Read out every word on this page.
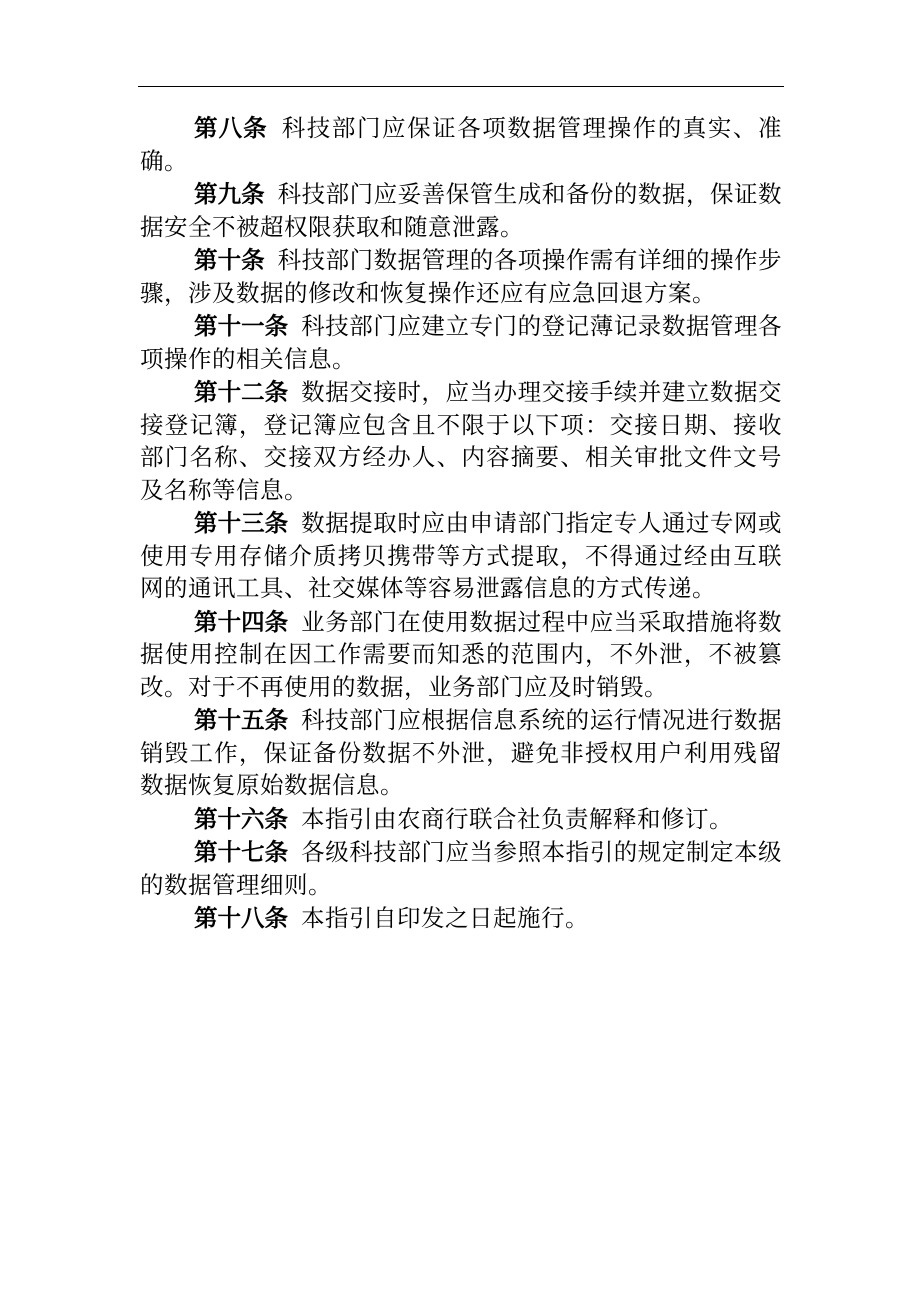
第八条 科技部门应保证各项数据管理操作的真实、准确。

第九条 科技部门应妥善保管生成和备份的数据，保证数据安全不被超权限获取和随意泄露。

第十条 科技部门数据管理的各项操作需有详细的操作步骤，涉及数据的修改和恢复操作还应有应急回退方案。

第十一条 科技部门应建立专门的登记薄记录数据管理各项操作的相关信息。

第十二条 数据交接时，应当办理交接手续并建立数据交接登记簿，登记簿应包含且不限于以下项：交接日期、接收部门名称、交接双方经办人、内容摘要、相关审批文件文号及名称等信息。

第十三条 数据提取时应由申请部门指定专人通过专网或使用专用存储介质拷贝携带等方式提取，不得通过经由互联网的通讯工具、社交媒体等容易泄露信息的方式传递。

第十四条 业务部门在使用数据过程中应当采取措施将数据使用控制在因工作需要而知悉的范围内，不外泄，不被篡改。对于不再使用的数据，业务部门应及时销毁。

第十五条 科技部门应根据信息系统的运行情况进行数据销毁工作，保证备份数据不外泄，避免非授权用户利用残留数据恢复原始数据信息。

第十六条 本指引由农商行联合社负责解释和修订。

第十七条 各级科技部门应当参照本指引的规定制定本级的数据管理细则。

第十八条 本指引自印发之日起施行。
